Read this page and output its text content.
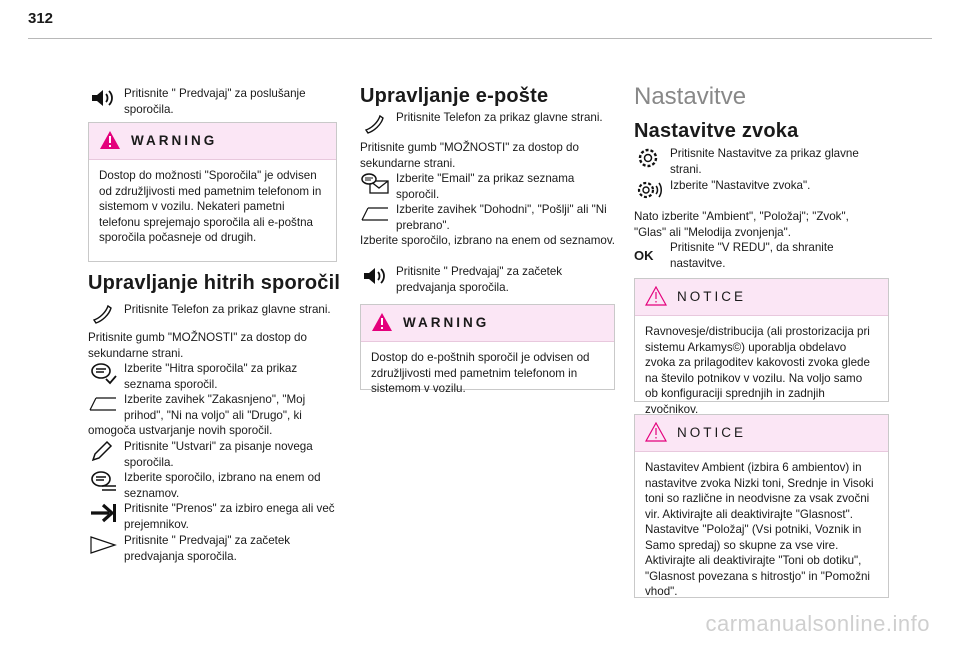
312
Pritisnite " Predvajaj" za poslušanje sporočila.
WARNING
Dostop do možnosti "Sporočila" je odvisen od združljivosti med pametnim telefonom in sistemom v vozilu. Nekateri pametni telefonu sprejemajo sporočila ali e-poštna sporočila počasneje od drugih.
Upravljanje hitrih sporočil
Pritisnite Telefon za prikaz glavne strani.
Pritisnite gumb "MOŽNOSTI" za dostop do sekundarne strani.
Izberite "Hitra sporočila" za prikaz seznama sporočil.
Izberite zavihek "Zakasnjeno", "Moj prihod", "Ni na voljo" ali "Drugo", ki
omogoča ustvarjanje novih sporočil.
Pritisnite "Ustvari" za pisanje novega sporočila.
Izberite sporočilo, izbrano na enem od seznamov.
Pritisnite "Prenos" za izbiro enega ali več prejemnikov.
Pritisnite " Predvajaj" za začetek predvajanja sporočila.
Upravljanje e-pošte
Pritisnite Telefon za prikaz glavne strani.
Pritisnite gumb "MOŽNOSTI" za dostop do sekundarne strani.
Izberite "Email" za prikaz seznama sporočil.
Izberite zavihek "Dohodni", "Pošlji" ali "Ni prebrano".
Izberite sporočilo, izbrano na enem od seznamov.
Pritisnite " Predvajaj" za začetek predvajanja sporočila.
WARNING
Dostop do e-poštnih sporočil je odvisen od združljivosti med pametnim telefonom in sistemom v vozilu.
Nastavitve
Nastavitve zvoka
Pritisnite Nastavitve za prikaz glavne strani.
Izberite "Nastavitve zvoka".
Nato izberite "Ambient", "Položaj"; "Zvok", "Glas" ali "Melodija zvonjenja".
OK
Pritisnite "V REDU", da shranite nastavitve.
NOTICE
Ravnovesje/distribucija (ali prostorizacija pri sistemu Arkamys©) uporablja obdelavo zvoka za prilagoditev kakovosti zvoka glede na število potnikov v vozilu. Na voljo samo ob konfiguraciji sprednjih in zadnjih zvočnikov.
NOTICE
Nastavitev Ambient (izbira 6 ambientov) in nastavitve zvoka Nizki toni, Srednje in Visoki toni so različne in neodvisne za vsak zvočni vir. Aktivirajte ali deaktivirajte "Glasnost". Nastavitve "Položaj" (Vsi potniki, Voznik in Samo spredaj) so skupne za vse vire. Aktivirajte ali deaktivirajte "Toni ob dotiku", "Glasnost povezana s hitrostjo" in "Pomožni vhod".
carmanualsonline.info
